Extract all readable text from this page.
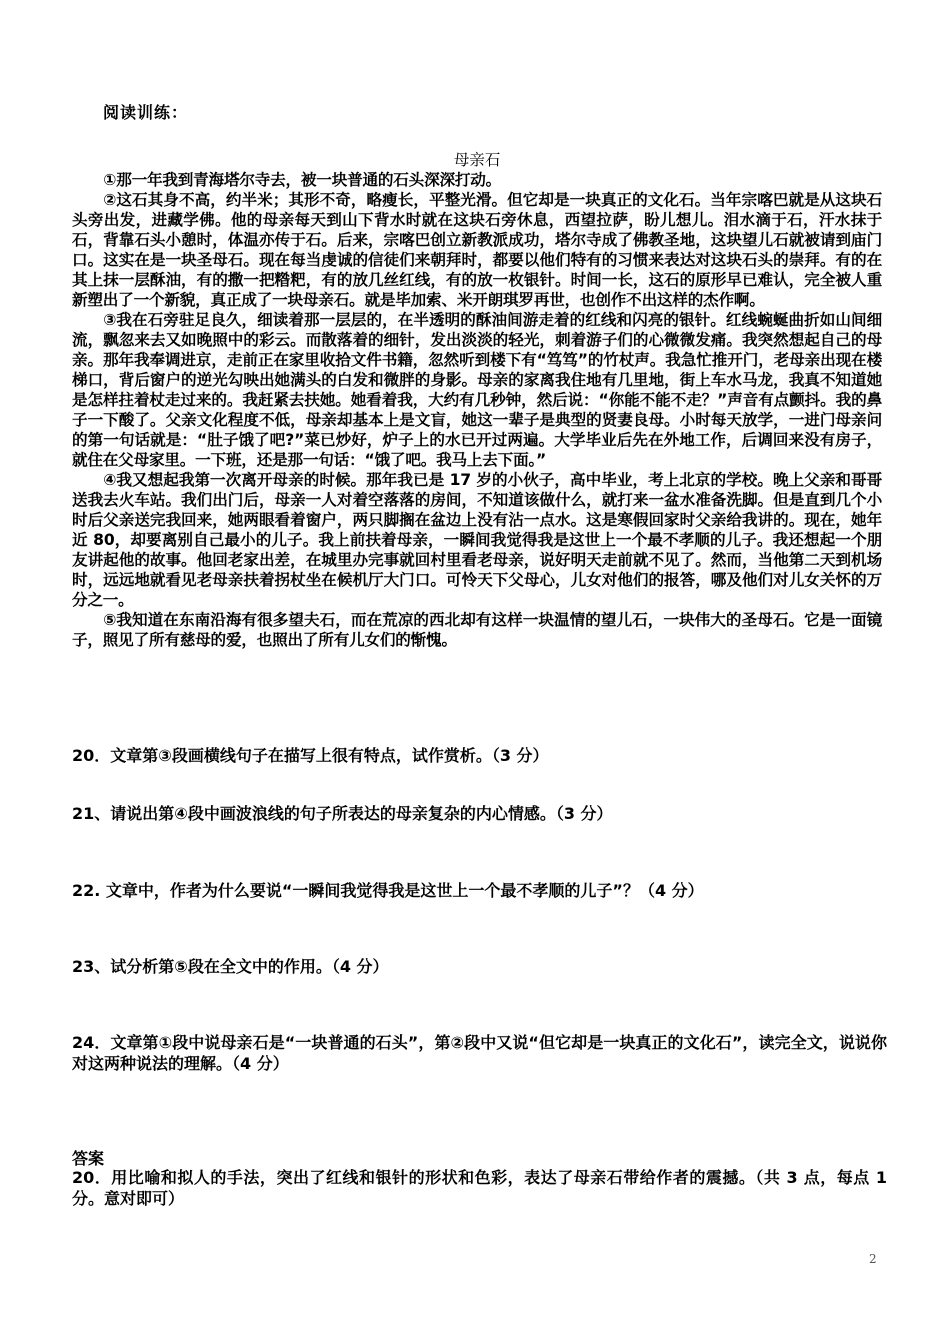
阅读训练：
母亲石

①那一年我到青海塔尔寺去，被一块普通的石头深深打动。

②这石其身不高，约半米；其形不奇，略瘦长，平整光滑。但它却是一块真正的文化石。当年宗喀巴就是从这块石头旁出发，进藏学佛。他的母亲每天到山下背水时就在这块石旁休息，西望拉萨，盼儿想儿。泪水滴于石，汗水抹于石，背靠石头小憩时，体温亦传于石。后来，宗喀巴创立新教派成功，塔尔寺成了佛教圣地，这块望儿石就被请到庙门口。这实在是一块圣母石。现在每当虔诚的信徒们来朝拜时，都要以他们特有的习惯来表达对这块石头的崇拜。有的在其上抹一层酥油，有的撒一把糌粑，有的放几丝红线，有的放一枚银针。时间一长，这石的原形早已难认，完全被人重新塑出了一个新貌，真正成了一块母亲石。就是毕加索、米开朗琪罗再世，也创作不出这样的杰作啊。

③我在石旁驻足良久，细读着那一层层的，在半透明的酥油间游走着的红线和闪亮的银针。红线蜿蜒曲折如山间细流，飘忽来去又如晚照中的彩云。而散落着的细针，发出淡淡的轻光，刺着游子们的心微微发痛。我突然想起自己的母亲。那年我奉调进京，走前正在家里收拾文件书籍，忽然听到楼下有“笃笃”的竹杖声。我急忙推开门，老母亲出现在楼梯口，背后窗户的逆光勾映出她满头的白发和微胖的身影。母亲的家离我住地有几里地，街上车水马龙，我真不知道她是怎样拄着杖走过来的。我赶紧去扶她。她看着我，大约有几秒钟，然后说：“你能不能不走？”声音有点颤抖。我的鼻子一下酸了。父亲文化程度不低，母亲却基本上是文盲，她这一辈子是典型的贤妻良母。小时每天放学，一进门母亲问的第一句话就是：“肚子饿了吧?”菜已炒好，炉子上的水已开过两遍。大学毕业后先在外地工作，后调回来没有房子，就住在父母家里。一下班，还是那一句话：“饿了吧。我马上去下面。”

④我又想起我第一次离开母亲的时候。那年我已是 17 岁的小伙子，高中毕业，考上北京的学校。晚上父亲和哥哥送我去火车站。我们出门后，母亲一人对着空落落的房间，不知道该做什么，就打来一盆水准备洗脚。但是直到几个小时后父亲送完我回来，她两眼看着窗户，两只脚搁在盆边上没有沾一点水。这是寒假回家时父亲给我讲的。现在，她年近 80，却要离别自己最小的儿子。我上前扶着母亲，一瞬间我觉得我是这世上一个最不孝顺的儿子。我还想起一个朋友讲起他的故事。他回老家出差，在城里办完事就回村里看老母亲，说好明天走前就不见了。然而，当他第二天到机场时，远远地就看见老母亲扶着拐杖坐在候机厅大门口。可怜天下父母心，儿女对他们的报答，哪及他们对儿女关怀的万分之一。

⑤我知道在东南沿海有很多望夫石，而在荒凉的西北却有这样一块温情的望儿石，一块伟大的圣母石。它是一面镜子，照见了所有慈母的爱，也照出了所有儿女们的惭愧。

20．文章第③段画横线句子在描写上很有特点，试作赏析。（3 分）
21、请说出第④段中画波浪线的句子所表达的母亲复杂的内心情感。（3 分）
22. 文章中，作者为什么要说“一瞬间我觉得我是这世上一个最不孝顺的儿子”？（4 分）
23、试分析第⑤段在全文中的作用。（4 分）
24．文章第①段中说母亲石是“一块普通的石头”，第②段中又说“但它却是一块真正的文化石”，读完全文，说说你对这两种说法的理解。（4 分）
答案
20．用比喻和拟人的手法，突出了红线和银针的形状和色彩，表达了母亲石带给作者的震撼。（共 3 点，每点 1 分。意对即可）
2
